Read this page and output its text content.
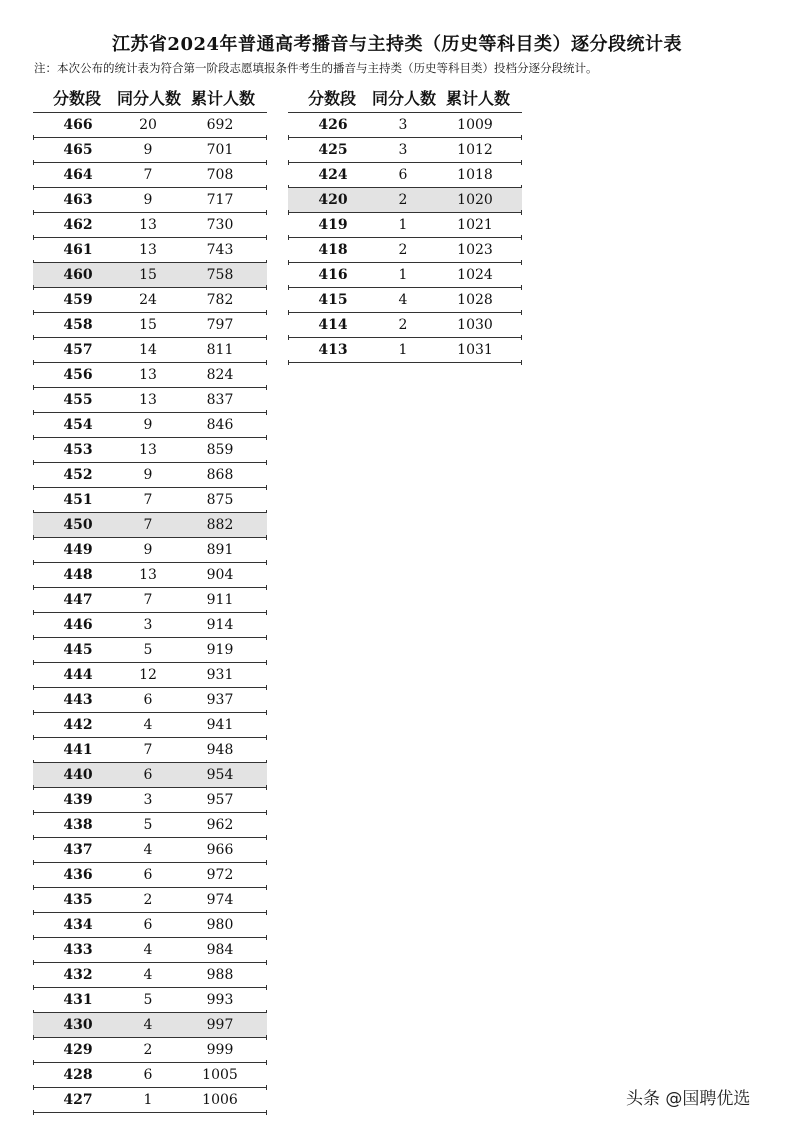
江苏省2024年普通高考播音与主持类（历史等科目类）逐分段统计表
注：本次公布的统计表为符合第一阶段志愿填报条件考生的播音与主持类（历史等科目类）投档分逐分段统计。
分数段 同分人数 累计人数
466	20	692
465	9	701
464	7	708
463	9	717
462	13	730
461	13	743
460	15	758
459	24	782
458	15	797
457	14	811
456	13	824
455	13	837
454	9	846
453	13	859
452	9	868
451	7	875
450	7	882
449	9	891
448	13	904
447	7	911
446	3	914
445	5	919
444	12	931
443	6	937
442	4	941
441	7	948
440	6	954
439	3	957
438	5	962
437	4	966
436	6	972
435	2	974
434	6	980
433	4	984
432	4	988
431	5	993
430	4	997
429	2	999
428	6	1005
427	1	1006
分数段 同分人数 累计人数
426	3	1009
425	3	1012
424	6	1018
420	2	1020
419	1	1021
418	2	1023
416	1	1024
415	4	1028
414	2	1030
413	1	1031
头条 @国聘优选
